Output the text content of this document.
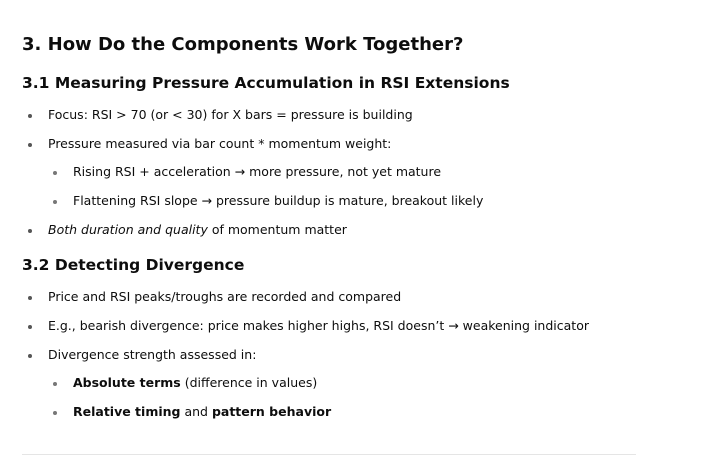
3. How Do the Components Work Together?
3.1 Measuring Pressure Accumulation in RSI Extensions
Focus: RSI > 70 (or < 30) for X bars = pressure is building
Pressure measured via bar count * momentum weight:
Rising RSI + acceleration → more pressure, not yet mature
Flattening RSI slope → pressure buildup is mature, breakout likely
Both duration and quality of momentum matter
3.2 Detecting Divergence
Price and RSI peaks/troughs are recorded and compared
E.g., bearish divergence: price makes higher highs, RSI doesn’t → weakening indicator
Divergence strength assessed in:
Absolute terms (difference in values)
Relative timing and pattern behavior
